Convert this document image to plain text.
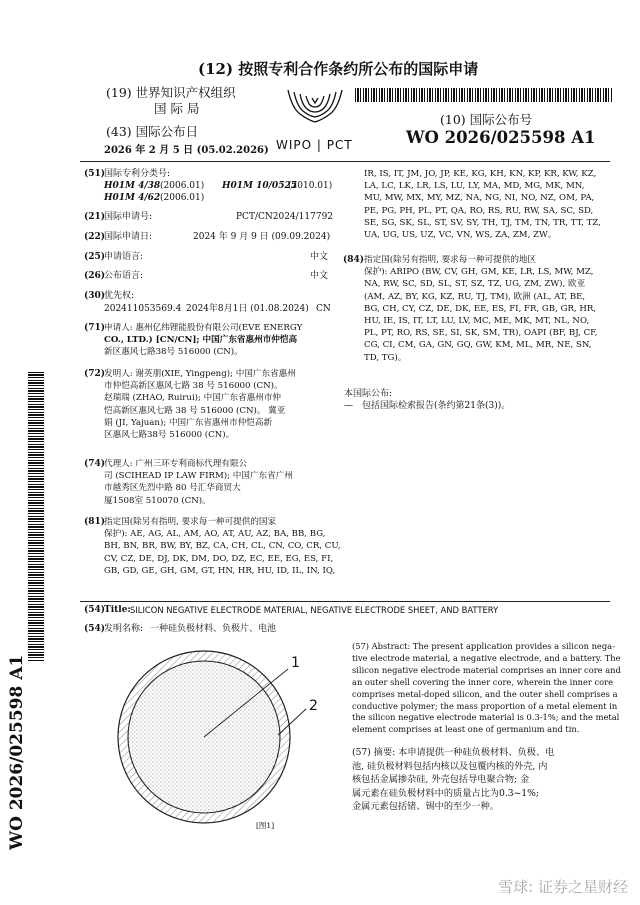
(12) 按照专利合作条约所公布的国际申请
(19) 世界知识产权组织
国 际 局
(43) 国际公布日
2026 年 2 月 5 日 (05.02.2026) WIPO | PCT
(10) 国际公布号
WO 2026/025598 A1
(51)
国际专利分类号:
H01M 4/38 (2006.01) H01M 10/0525
(2010.01)
H01M 4/62 (2006.01)
(21)
国际申请号:	PCT/CN2024/117792
(22)
国际申请日:	2024 年 9 月 9 日 (09.09.2024)
(25)
申请语言:	中文
(26)
公布语言:	中文
(30)
优先权:
202411053569.4 2024年8月1日 (01.08.2024) CN
(71)
申请人: 惠州亿纬锂能股份有限公司(EVE ENERGY
CO., LTD.) [CN/CN]; 中国广东省惠州市仲恺高
新区惠风七路38号 516000 (CN)。
(72)
发明人: 谢英朋(XIE, Yingpeng); 中国广东省惠州
市仲恺高新区惠风七路 38 号 516000 (CN)。
赵瑞瑞 (ZHAO, Ruirui); 中国广东省惠州市仲
恺高新区惠风七路 38 号 516000 (CN)。 冀亚
娟 (JI, Yajuan); 中国广东省惠州市仲恺高新
区惠风七路38号 516000 (CN)。
(74)
代理人: 广州三环专利商标代理有限公
司 (SCIHEAD IP LAW FIRM); 中国广东省广州
市越秀区先烈中路 80 号汇华商贸大
厦1508室 510070 (CN)。
(81)
指定国(除另有指明, 要求每一种可提供的国家
保护): AE, AG, AL, AM, AO, AT, AU, AZ, BA, BB, BG,
BH, BN, BR, BW, BY, BZ, CA, CH, CL, CN, CO, CR, CU,
CV, CZ, DE, DJ, DK, DM, DO, DZ, EC, EE, EG, ES, FI,
GB, GD, GE, GH, GM, GT, HN, HR, HU, ID, IL, IN, IQ,
IR, IS, IT, JM, JO, JP, KE, KG, KH, KN, KP, KR, KW, KZ,
LA, LC, LK, LR, LS, LU, LY, MA, MD, MG, MK, MN,
MU, MW, MX, MY, MZ, NA, NG, NI, NO, NZ, OM, PA,
PE, PG, PH, PL, PT, QA, RO, RS, RU, RW, SA, SC, SD,
SE, SG, SK, SL, ST, SV, SY, TH, TJ, TM, TN, TR, TT, TZ,
UA, UG, US, UZ, VC, VN, WS, ZA, ZM, ZW。
(84) 指定国(除另有指明, 要求每一种可提供的地区
保护): ARIPO (BW, CV, GH, GM, KE, LR, LS, MW, MZ,
NA, RW, SC, SD, SL, ST, SZ, TZ, UG, ZM, ZW), 欧亚
(AM, AZ, BY, KG, KZ, RU, TJ, TM), 欧洲 (AL, AT, BE,
BG, CH, CY, CZ, DE, DK, EE, ES, FI, FR, GB, GR, HR,
HU, IE, IS, IT, LT, LU, LV, MC, ME, MK, MT, NL, NO,
PL, PT, RO, RS, SE, SI, SK, SM, TR), OAPI (BF, BJ, CF,
CG, CI, CM, GA, GN, GQ, GW, KM, ML, MR, NE, SN,
TD, TG)。
本国际公布:
—　包括国际检索报告(条约第21条(3))。
(54)
Title: SILICON NEGATIVE ELECTRODE MATERIAL, NEGATIVE ELECTRODE SHEET, AND BATTERY
(54)
发明名称: 一种硅负极材料、负极片、电池
1
2
[图1]
(57) Abstract: The present application provides a silicon nega-
tive electrode material, a negative electrode, and a battery. The
silicon negative electrode material comprises an inner core and
an outer shell covering the inner core, wherein the inner core
comprises metal-doped silicon, and the outer shell comprises a
conductive polymer; the mass proportion of a metal element in
the silicon negative electrode material is 0.3-1%; and the metal
element comprises at least one of germanium and tin.
(57) 摘要: 本申请提供一种硅负极材料、负极、电
池, 硅负极材料包括内核以及包覆内核的外壳, 内
核包括金属掺杂硅, 外壳包括导电聚合物; 金
属元素在硅负极材料中的质量占比为0.3~1%;
金属元素包括锗、锡中的至少一种。
WO 2026/025598 A1
雪球: 证券之星财经
